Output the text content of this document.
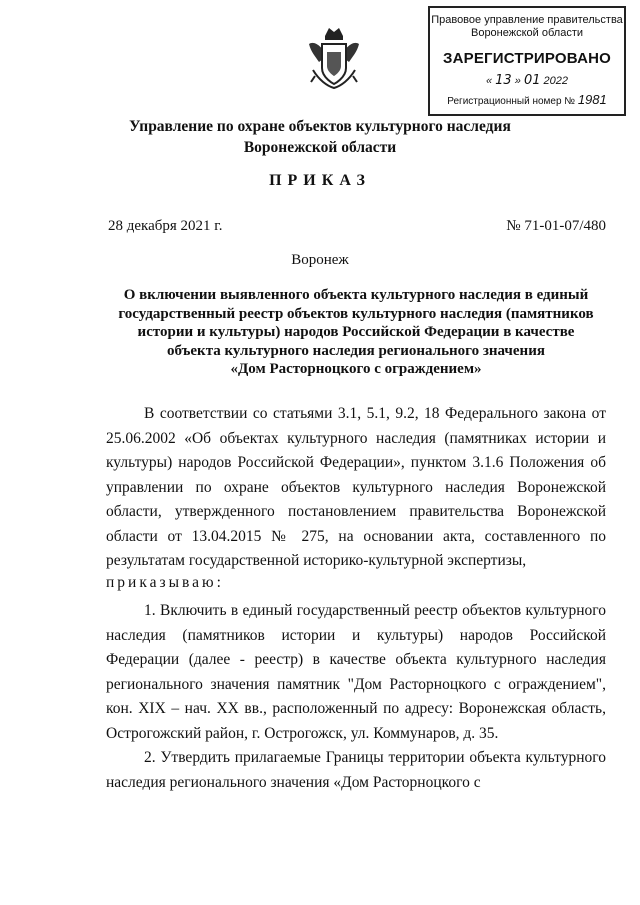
Правовое управление правительства
Воронежской области
ЗАРЕГИСТРИРОВАНО
« 13 » 01 2022
Регистрационный номер № 1981
Управление по охране объектов культурного наследия
Воронежской области
ПРИКАЗ
28 декабря 2021 г.	№ 71-01-07/480
Воронеж
О включении выявленного объекта культурного наследия в единый
государственный реестр объектов культурного наследия (памятников
истории и культуры) народов Российской Федерации в качестве
объекта культурного наследия регионального значения
«Дом Расторноцкого с ограждением»
В соответствии со статьями 3.1, 5.1, 9.2, 18 Федерального закона от 25.06.2002 «Об объектах культурного наследия (памятниках истории и культуры) народов Российской Федерации», пунктом 3.1.6 Положения об управлении по охране объектов культурного наследия Воронежской области, утвержденного постановлением правительства Воронежской области от 13.04.2015 № 275, на основании акта, составленного по результатам государственной историко-культурной экспертизы,
приказываю:
1. Включить в единый государственный реестр объектов культурного наследия (памятников истории и культуры) народов Российской Федерации (далее - реестр) в качестве объекта культурного наследия регионального значения памятник "Дом Расторноцкого с ограждением", кон. XIX – нач. XX вв., расположенный по адресу: Воронежская область, Острогожский район, г. Острогожск, ул. Коммунаров, д. 35.
2. Утвердить прилагаемые Границы территории объекта культурного наследия регионального значения «Дом Расторноцкого с
